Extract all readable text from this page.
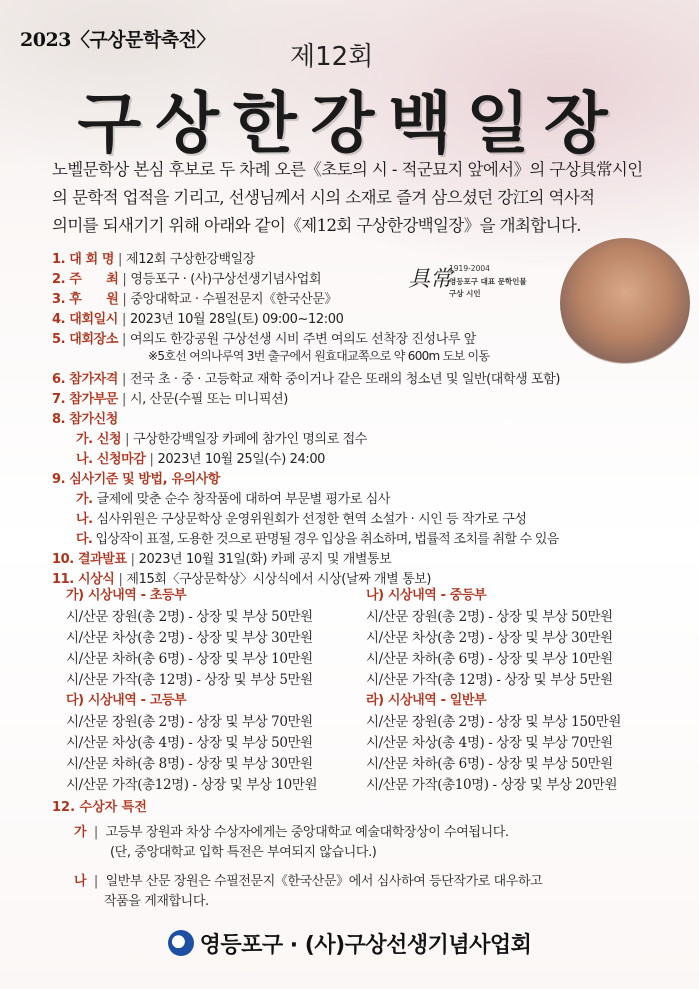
2023〈구상문학축전〉
제12회
구상한강백일장

노벨문학상 본심 후보로 두 차례 오른《초토의 시 - 적군묘지 앞에서》의 구상具常시인

의 문학적 업적을 기리고, 선생님께서 시의 소재로 즐겨 삼으셨던 강江의 역사적

의미를 되새기기 위해 아래와 같이《제12회 구상한강백일장》을 개최합니다.

具常
1919-2004
영등포구 대표 문학인물
구상 시인
1. 대 회 명 | 제12회 구상한강백일장
2. 주      최 | 영등포구 · (사)구상선생기념사업회
3. 후      원 | 중앙대학교 · 수필전문지《한국산문》
4. 대회일시 | 2023년 10월 28일(토) 09:00~12:00
5. 대회장소 | 여의도 한강공원 구상선생 시비 주변 여의도 선착장 진성나루 앞
※5호선 여의나루역 3번 출구에서 원효대교쪽으로 약 600m 도보 이동
6. 참가자격 | 전국 초 · 중 · 고등학교 재학 중이거나 같은 또래의 청소년 및 일반(대학생 포함)
7. 참가부문 | 시, 산문(수필 또는 미니픽션)
8. 참가신청
가. 신청 | 구상한강백일장 카페에 참가인 명의로 접수
나. 신청마감 | 2023년 10월 25일(수) 24:00
9. 심사기준 및 방법, 유의사항
가. 글제에 맞춘 순수 창작품에 대하여 부문별 평가로 심사
나. 심사위원은 구상문학상 운영위원회가 선정한 현역 소설가 · 시인 등 작가로 구성
다. 입상작이 표절, 도용한 것으로 판명될 경우 입상을 취소하며, 법률적 조치를 취할 수 있음
10. 결과발표 | 2023년 10월 31일(화) 카페 공지 및 개별통보
11. 시상식 | 제15회〈구상문학상〉시상식에서 시상(날짜 개별 통보)
가) 시상내역 - 초등부
시/산문 장원(총 2명) - 상장 및 부상 50만원
시/산문 차상(총 2명) - 상장 및 부상 30만원
시/산문 차하(총 6명) - 상장 및 부상 10만원
시/산문 가작(총 12명) - 상장 및 부상 5만원
나) 시상내역 - 중등부
시/산문 장원(총 2명) - 상장 및 부상 50만원
시/산문 차상(총 2명) - 상장 및 부상 30만원
시/산문 차하(총 6명) - 상장 및 부상 10만원
시/산문 가작(총 12명) - 상장 및 부상 5만원
다) 시상내역 - 고등부
시/산문 장원(총 2명) - 상장 및 부상 70만원
시/산문 차상(총 4명) - 상장 및 부상 50만원
시/산문 차하(총 8명) - 상장 및 부상 30만원
시/산문 가작(총12명) - 상장 및 부상 10만원
라) 시상내역 - 일반부
시/산문 장원(총 2명) - 상장 및 부상 150만원
시/산문 차상(총 4명) - 상장 및 부상 70만원
시/산문 차하(총 6명) - 상장 및 부상 50만원
시/산문 가작(총10명) - 상장 및 부상 20만원
12. 수상자 특전
가 | 고등부 장원과 차상 수상자에게는 중앙대학교 예술대학장상이 수여됩니다.
(단, 중앙대학교 입학 특전은 부여되지 않습니다.)
나 | 일반부 산문 장원은 수필전문지《한국산문》에서 심사하여 등단작가로 대우하고
작품을 게재합니다.
영등포구 · (사)구상선생기념사업회
